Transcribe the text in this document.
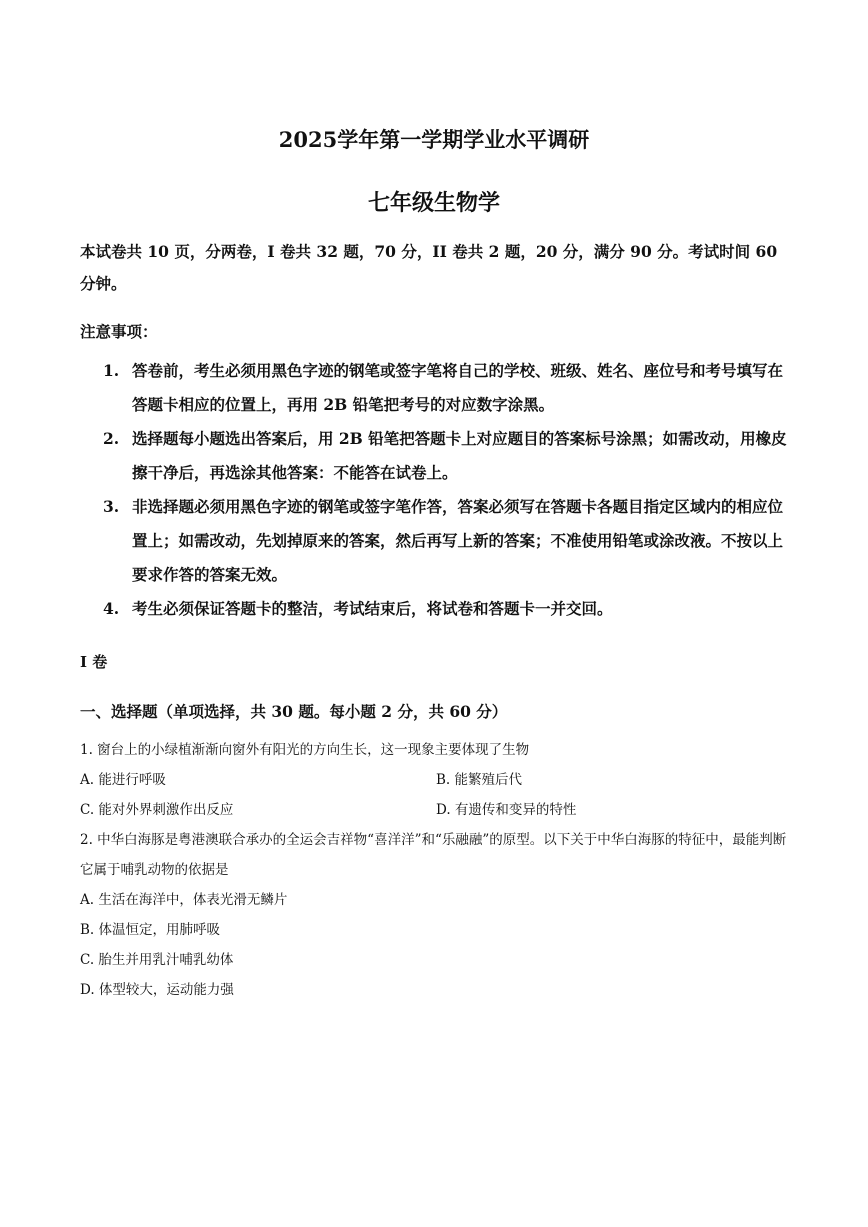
2025学年第一学期学业水平调研
七年级生物学
本试卷共 10 页，分两卷，I 卷共 32 题，70 分，II 卷共 2 题，20 分，满分 90 分。考试时间 60 分钟。
注意事项：
1. 答卷前，考生必须用黑色字迹的钢笔或签字笔将自己的学校、班级、姓名、座位号和考号填写在答题卡相应的位置上，再用 2B 铅笔把考号的对应数字涂黑。
2. 选择题每小题选出答案后，用 2B 铅笔把答题卡上对应题目的答案标号涂黑；如需改动，用橡皮擦干净后，再选涂其他答案：不能答在试卷上。
3. 非选择题必须用黑色字迹的钢笔或签字笔作答，答案必须写在答题卡各题目指定区域内的相应位置上；如需改动，先划掉原来的答案，然后再写上新的答案；不准使用铅笔或涂改液。不按以上要求作答的答案无效。
4. 考生必须保证答题卡的整洁，考试结束后，将试卷和答题卡一并交回。
I 卷
一、选择题（单项选择，共 30 题。每小题 2 分，共 60 分）
1. 窗台上的小绿植渐渐向窗外有阳光的方向生长，这一现象主要体现了生物
A. 能进行呼吸	B. 能繁殖后代
C. 能对外界刺激作出反应	D. 有遗传和变异的特性
2. 中华白海豚是粤港澳联合承办的全运会吉祥物“喜洋洋”和“乐融融”的原型。以下关于中华白海豚的特征中，最能判断它属于哺乳动物的依据是
A. 生活在海洋中，体表光滑无鳞片
B. 体温恒定，用肺呼吸
C. 胎生并用乳汁哺乳幼体
D. 体型较大，运动能力强
